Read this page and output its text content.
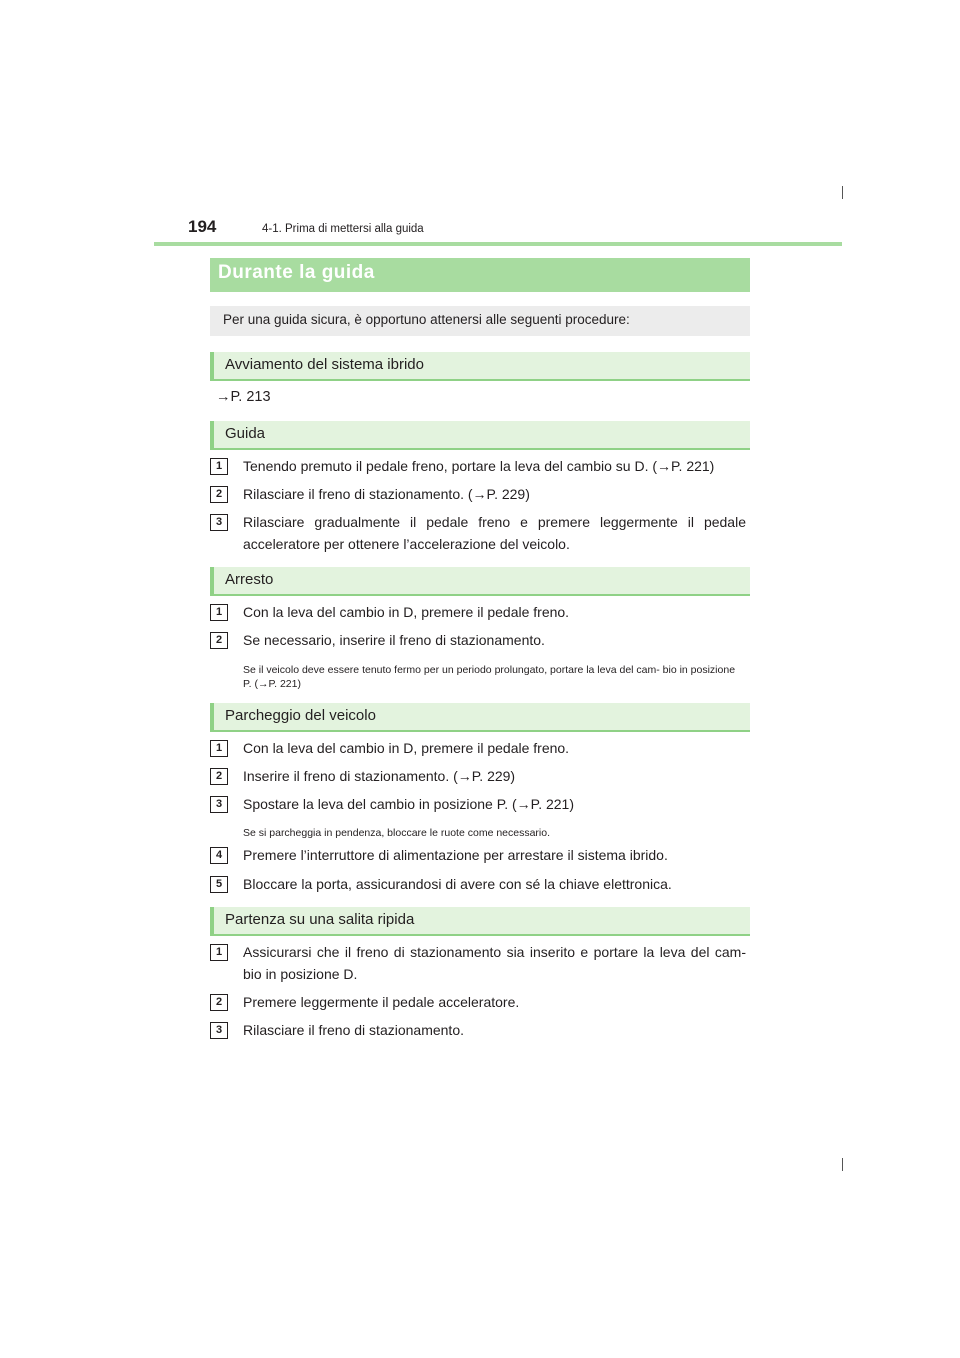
194	4-1. Prima di mettersi alla guida
Durante la guida
Per una guida sicura, è opportuno attenersi alle seguenti procedure:
Avviamento del sistema ibrido
→P. 213
Guida
1	Tenendo premuto il pedale freno, portare la leva del cambio su D. (→P. 221)
2	Rilasciare il freno di stazionamento. (→P. 229)
3	Rilasciare gradualmente il pedale freno e premere leggermente il pedale acceleratore per ottenere l’accelerazione del veicolo.
Arresto
1	Con la leva del cambio in D, premere il pedale freno.
2	Se necessario, inserire il freno di stazionamento.
Se il veicolo deve essere tenuto fermo per un periodo prolungato, portare la leva del cam- bio in posizione P. (→P. 221)
Parcheggio del veicolo
1	Con la leva del cambio in D, premere il pedale freno.
2	Inserire il freno di stazionamento. (→P. 229)
3	Spostare la leva del cambio in posizione P. (→P. 221)
Se si parcheggia in pendenza, bloccare le ruote come necessario.
4	Premere l’interruttore di alimentazione per arrestare il sistema ibrido.
5	Bloccare la porta, assicurandosi di avere con sé la chiave elettronica.
Partenza su una salita ripida
1	Assicurarsi che il freno di stazionamento sia inserito e portare la leva del cam- bio in posizione D.
2	Premere leggermente il pedale acceleratore.
3	Rilasciare il freno di stazionamento.
